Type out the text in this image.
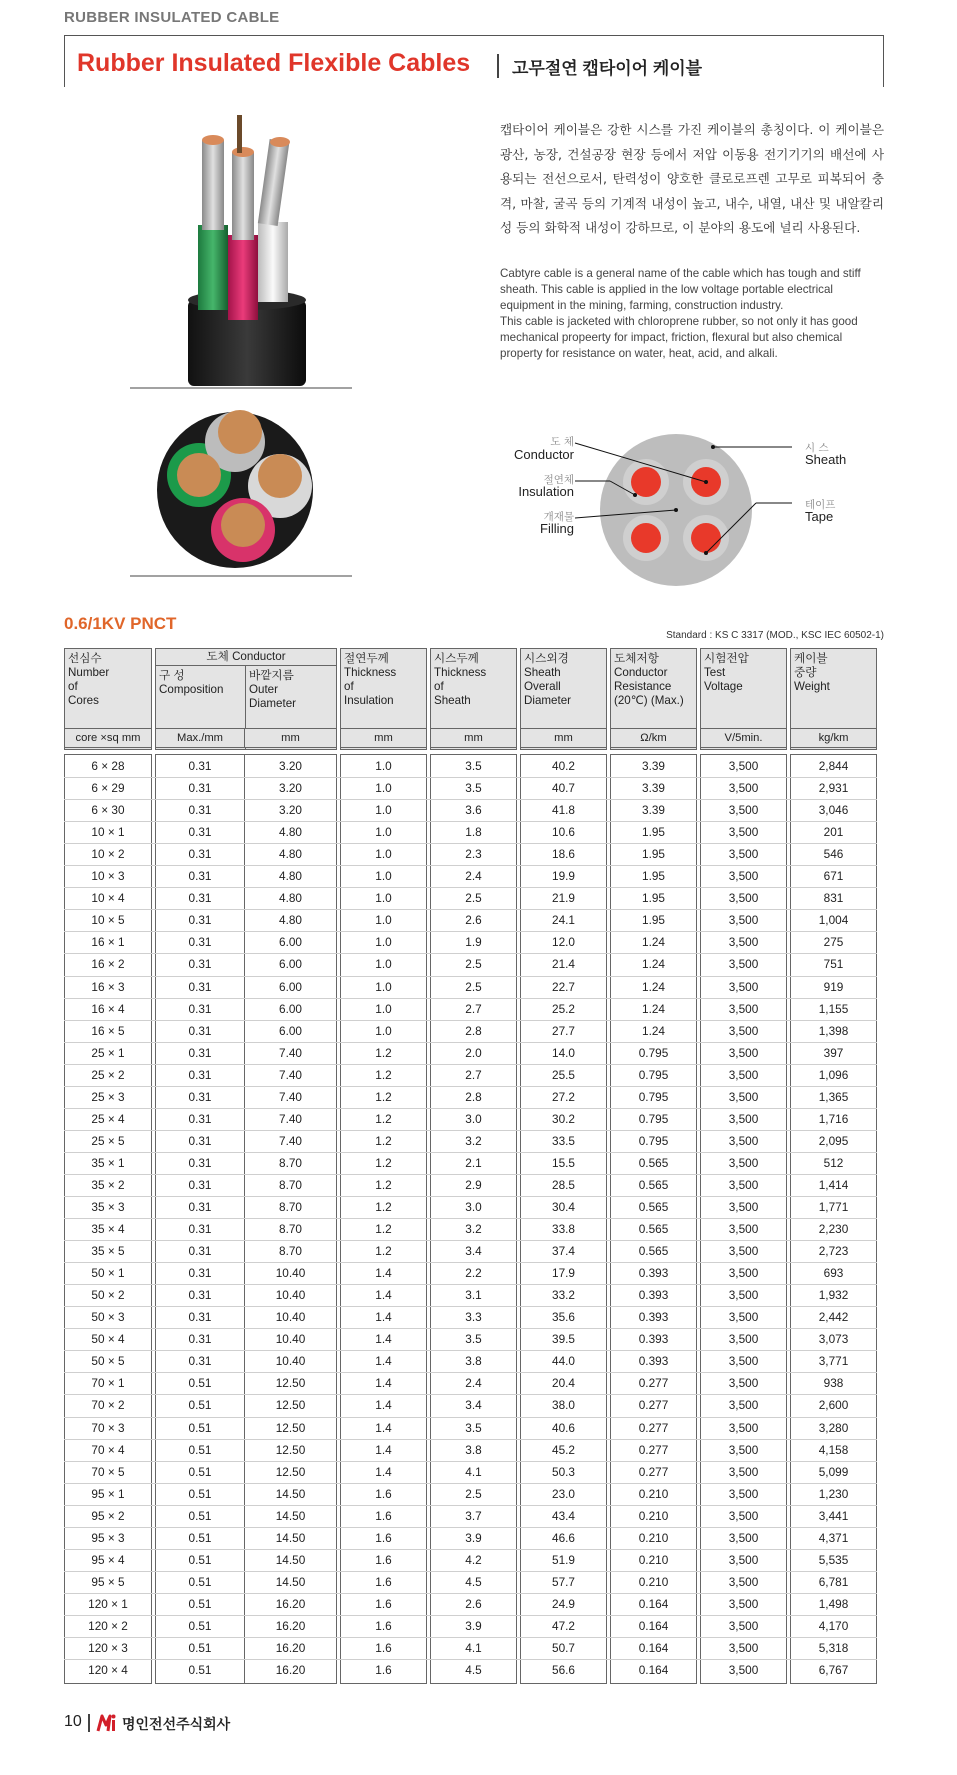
RUBBER INSULATED CABLE
Rubber Insulated Flexible Cables 고무절연 캡타이어 케이블
캡타이어 케이블은 강한 시스를 가진 케이블의 총칭이다. 이 케이블은 광산, 농장, 건설공장 현장 등에서 저압 이동용 전기기기의 배선에 사용되는 전선으로서, 탄력성이 양호한 클로로프렌 고무로 피복되어 충격, 마찰, 굴곡 등의 기계적 내성이 높고, 내수, 내열, 내산 및 내알칼리성 등의 화학적 내성이 강하므로, 이 분야의 용도에 널리 사용된다.

Cabtyre cable is a general name of the cable which has tough and stiff sheath. This cable is applied in the low voltage portable electrical equipment in the mining, farming, construction industry.

This cable is jacketed with chloroprene rubber, so not only it has good mechanical propeerty for impact, friction, flexural but also chemical property for resistance on water, heat, acid, and alkali.

도 체
Conductor
절연체
Insulation
개재물
Filling
시 스
Sheath
테이프
Tape
0.6/1KV PNCT
Standard : KS C 3317 (MOD., KSC IEC 60502-1)
선심수
Number
of
Cores
도체 Conductor
구 성
Composition
바깥지름
Outer
Diameter
절연두께
Thickness
of
Insulation
시스두께
Thickness
of
Sheath
시스외경
Sheath
Overall
Diameter
도체저항
Conductor
Resistance
(20℃) (Max.)
시험전압
Test
Voltage
케이블
중량
Weight
core ×sq mm	Max./mm	mm	mm	mm	mm	Ω/km	V/5min.	kg/km
6 × 28	0.31	3.20	1.0	3.5	40.2	3.39	3,500	2,844
6 × 29	0.31	3.20	1.0	3.5	40.7	3.39	3,500	2,931
6 × 30	0.31	3.20	1.0	3.6	41.8	3.39	3,500	3,046
10 × 1	0.31	4.80	1.0	1.8	10.6	1.95	3,500	201
10 × 2	0.31	4.80	1.0	2.3	18.6	1.95	3,500	546
10 × 3	0.31	4.80	1.0	2.4	19.9	1.95	3,500	671
10 × 4	0.31	4.80	1.0	2.5	21.9	1.95	3,500	831
10 × 5	0.31	4.80	1.0	2.6	24.1	1.95	3,500	1,004
16 × 1	0.31	6.00	1.0	1.9	12.0	1.24	3,500	275
16 × 2	0.31	6.00	1.0	2.5	21.4	1.24	3,500	751
16 × 3	0.31	6.00	1.0	2.5	22.7	1.24	3,500	919
16 × 4	0.31	6.00	1.0	2.7	25.2	1.24	3,500	1,155
16 × 5	0.31	6.00	1.0	2.8	27.7	1.24	3,500	1,398
25 × 1	0.31	7.40	1.2	2.0	14.0	0.795	3,500	397
25 × 2	0.31	7.40	1.2	2.7	25.5	0.795	3,500	1,096
25 × 3	0.31	7.40	1.2	2.8	27.2	0.795	3,500	1,365
25 × 4	0.31	7.40	1.2	3.0	30.2	0.795	3,500	1,716
25 × 5	0.31	7.40	1.2	3.2	33.5	0.795	3,500	2,095
35 × 1	0.31	8.70	1.2	2.1	15.5	0.565	3,500	512
35 × 2	0.31	8.70	1.2	2.9	28.5	0.565	3,500	1,414
35 × 3	0.31	8.70	1.2	3.0	30.4	0.565	3,500	1,771
35 × 4	0.31	8.70	1.2	3.2	33.8	0.565	3,500	2,230
35 × 5	0.31	8.70	1.2	3.4	37.4	0.565	3,500	2,723
50 × 1	0.31	10.40	1.4	2.2	17.9	0.393	3,500	693
50 × 2	0.31	10.40	1.4	3.1	33.2	0.393	3,500	1,932
50 × 3	0.31	10.40	1.4	3.3	35.6	0.393	3,500	2,442
50 × 4	0.31	10.40	1.4	3.5	39.5	0.393	3,500	3,073
50 × 5	0.31	10.40	1.4	3.8	44.0	0.393	3,500	3,771
70 × 1	0.51	12.50	1.4	2.4	20.4	0.277	3,500	938
70 × 2	0.51	12.50	1.4	3.4	38.0	0.277	3,500	2,600
70 × 3	0.51	12.50	1.4	3.5	40.6	0.277	3,500	3,280
70 × 4	0.51	12.50	1.4	3.8	45.2	0.277	3,500	4,158
70 × 5	0.51	12.50	1.4	4.1	50.3	0.277	3,500	5,099
95 × 1	0.51	14.50	1.6	2.5	23.0	0.210	3,500	1,230
95 × 2	0.51	14.50	1.6	3.7	43.4	0.210	3,500	3,441
95 × 3	0.51	14.50	1.6	3.9	46.6	0.210	3,500	4,371
95 × 4	0.51	14.50	1.6	4.2	51.9	0.210	3,500	5,535
95 × 5	0.51	14.50	1.6	4.5	57.7	0.210	3,500	6,781
120 × 1	0.51	16.20	1.6	2.6	24.9	0.164	3,500	1,498
120 × 2	0.51	16.20	1.6	3.9	47.2	0.164	3,500	4,170
120 × 3	0.51	16.20	1.6	4.1	50.7	0.164	3,500	5,318
120 × 4	0.51	16.20	1.6	4.5	56.6	0.164	3,500	6,767
10	명인전선주식회사
